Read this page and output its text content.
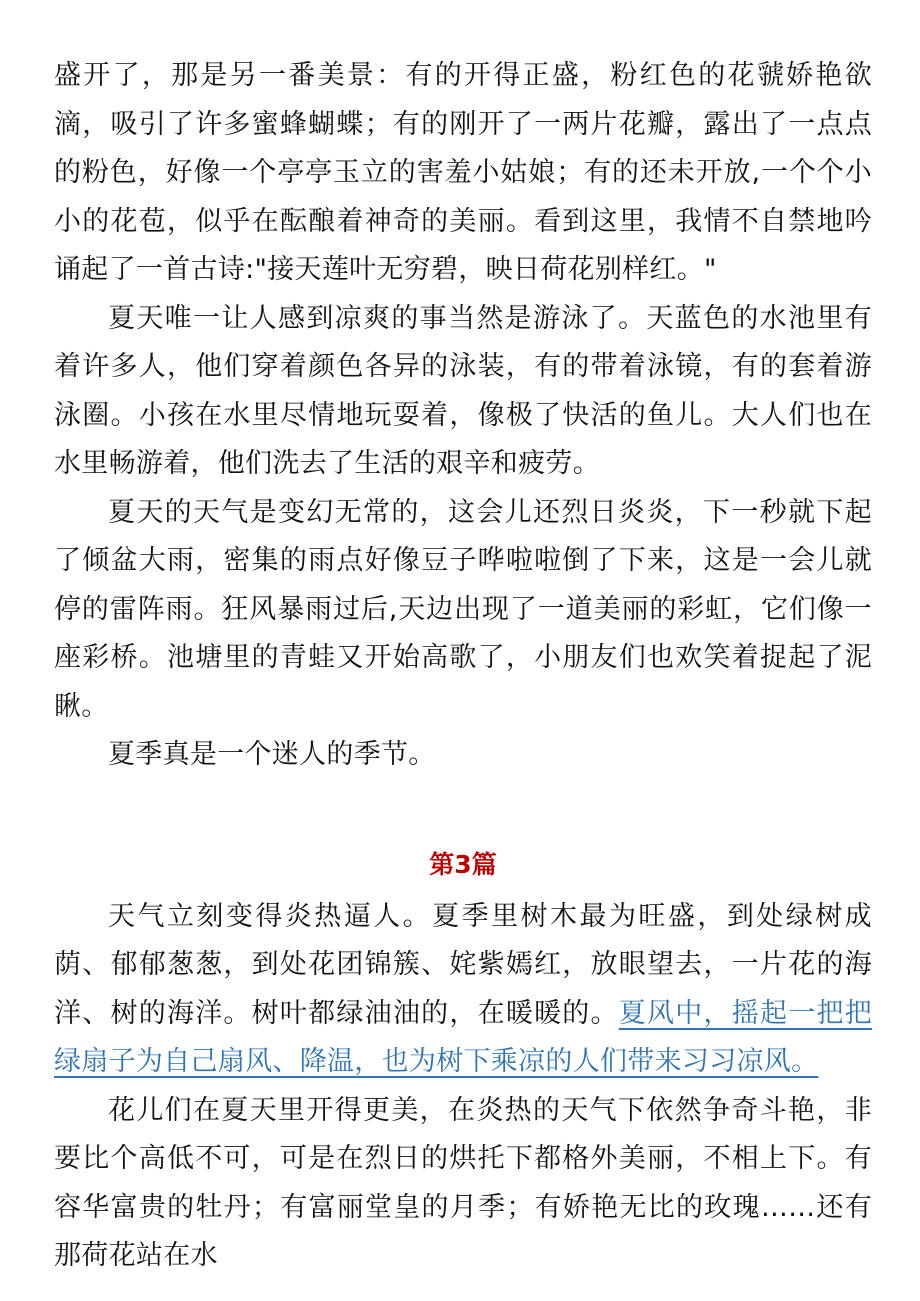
盛开了，那是另一番美景：有的开得正盛，粉红色的花虢娇艳欲滴，吸引了许多蜜蜂蝴蝶；有的刚开了一两片花瓣，露出了一点点的粉色，好像一个亭亭玉立的害羞小姑娘；有的还未开放,一个个小小的花苞，似乎在酝酿着神奇的美丽。看到这里，我情不自禁地吟诵起了一首古诗:"接天莲叶无穷碧，映日荷花别样红。"

夏天唯一让人感到凉爽的事当然是游泳了。天蓝色的水池里有着许多人，他们穿着颜色各异的泳装，有的带着泳镜，有的套着游泳圈。小孩在水里尽情地玩耍着，像极了快活的鱼儿。大人们也在水里畅游着，他们洗去了生活的艰辛和疲劳。

夏天的天气是变幻无常的，这会儿还烈日炎炎，下一秒就下起了倾盆大雨，密集的雨点好像豆子哗啦啦倒了下来，这是一会儿就停的雷阵雨。狂风暴雨过后,天边出现了一道美丽的彩虹，它们像一座彩桥。池塘里的青蛙又开始高歌了，小朋友们也欢笑着捉起了泥瞅。

夏季真是一个迷人的季节。

第3篇

天气立刻变得炎热逼人。夏季里树木最为旺盛，到处绿树成荫、郁郁葱葱，到处花团锦簇、姹紫嫣红，放眼望去，一片花的海洋、树的海洋。树叶都绿油油的，在暖暖的。夏风中，摇起一把把绿扇子为自己扇风、降温，也为树下乘凉的人们带来习习凉风。

花儿们在夏天里开得更美，在炎热的天气下依然争奇斗艳，非要比个高低不可，可是在烈日的烘托下都格外美丽，不相上下。有容华富贵的牡丹；有富丽堂皇的月季；有娇艳无比的玫瑰……还有那荷花站在水
